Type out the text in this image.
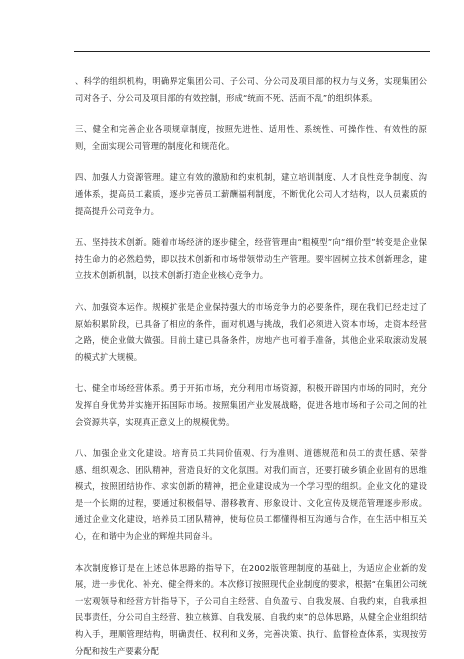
、科学的组织机构，明确界定集团公司、子公司、分公司及项目部的权力与义务，实现集团公司对各子、分公司及项目部的有效控制，形成“统而不死、活而不乱”的组织体系。

三、健全和完善企业各项规章制度，按照先进性、适用性、系统性、可操作性、有效性的原则，全面实现公司管理的制度化和规范化。

四、加强人力资源管理。建立有效的激励和约束机制，建立培训制度、人才良性竞争制度、沟通体系，提高员工素质，逐步完善员工薪酬福利制度，不断优化公司人才结构，以人员素质的提高提升公司竞争力。

五、坚持技术创新。随着市场经济的逐步健全，经营管理由“粗模型”向“细价型”转变是企业保持生命力的必然趋势，即以技术创新和市场带领带动生产管理。要牢固树立技术创新理念，建立技术创新机制，以技术创新打造企业核心竞争力。

六、加强资本运作。规模扩张是企业保持强大的市场竞争力的必要条件，现在我们已经走过了原始积累阶段，已具备了相应的条件，面对机遇与挑战，我们必须进入资本市场，走资本经营之路，使企业做大做强。目前土建已具备条件，房地产也可着手准备，其他企业采取滚动发展的模式扩大规模。

七、健全市场经营体系。勇于开拓市场，充分利用市场资源，积极开辟国内市场的同时，充分发挥自身优势并实施开拓国际市场。按照集团产业发展战略，促进各地市场和子公司之间的社会资源共享，实现真正意义上的规模优势。

八、加强企业文化建设。培育员工共同价值观、行为准则、道德规范和员工的责任感、荣誉感、组织观念、团队精神，营造良好的文化氛围。对我们而言，还要打破乡镇企业固有的思维模式，按照团结协作、求实创新的精神，把企业建设成为一个学习型的组织。企业文化的建设是一个长期的过程，要通过积极倡导、潜移教育、形象设计、文化宣传及规范管理逐步形成。通过企业文化建设，培养员工团队精神，使每位员工都懂得相互沟通与合作，在生活中相互关心，在和谐中为企业的辉煌共同奋斗。

本次制度修订是在上述总体思路的指导下，在2002版管理制度的基础上，为适应企业新的发展，进一步优化、补充、健全得来的。本次修订按照现代企业制度的要求，根据“在集团公司统一宏观领导和经营方针指导下，子公司自主经营、自负盈亏、自我发展、自我约束，自我承担民事责任，分公司自主经营、独立核算、自我发展、自我约束”的总体思路，从健全企业组织结构入手，理顺管理结构，明确责任、权利和义务，完善决策、执行、监督检查体系，实现按劳分配和按生产要素分配
